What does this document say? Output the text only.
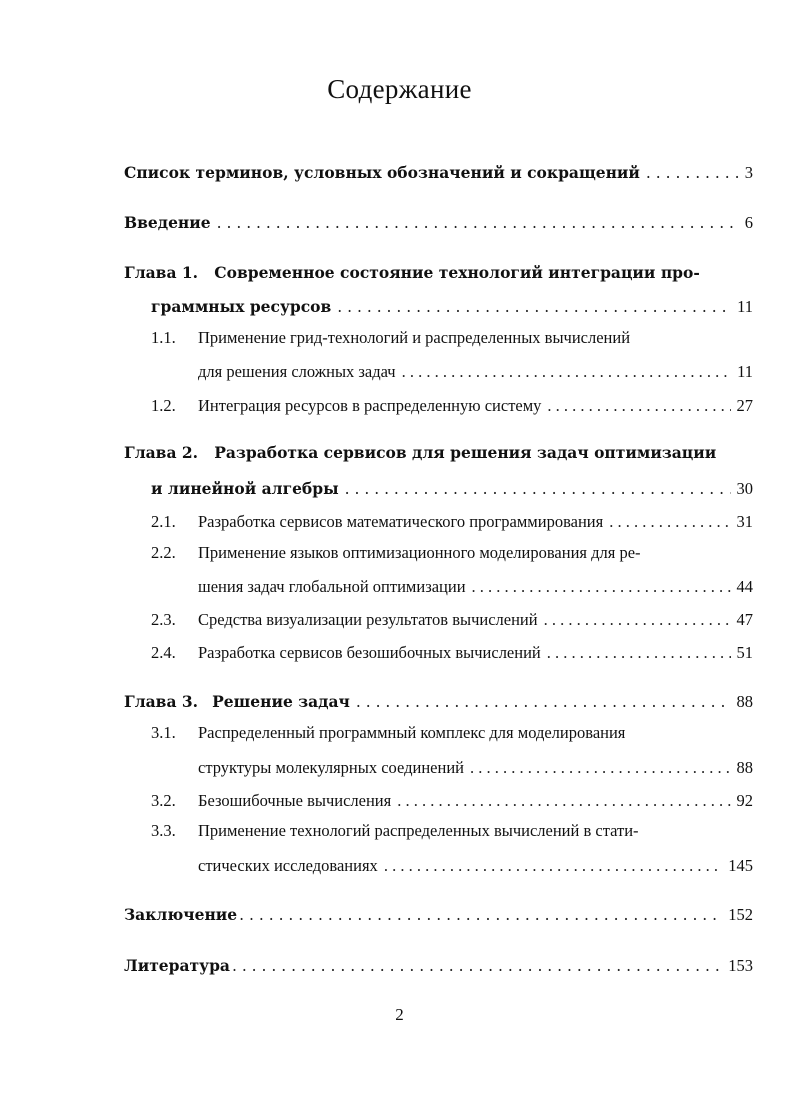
Содержание
Список терминов, условных обозначений и сокращений . . .	3
Введение . . .	6
Глава 1. Современное состояние технологий интеграции про-
граммных ресурсов . . .	11
1.1. Применение грид-технологий и распределенных вычислений
для решения сложных задач . . .	11
1.2.	Интеграция ресурсов в распределенную систему . . .	27
Глава 2. Разработка сервисов для решения задач оптимизации
и линейной алгебры . . .	30
2.1.	Разработка сервисов математического программирования . . .	31
2.2. Применение языков оптимизационного моделирования для ре-
шения задач глобальной оптимизации . . .	44
2.3.	Средства визуализации результатов вычислений . . .	47
2.4.	Разработка сервисов безошибочных вычислений . . .	51
Глава 3. Решение задач . . .	88
3.1. Распределенный программный комплекс для моделирования
структуры молекулярных соединений . . .	88
3.2.	Безошибочные вычисления . . .	92
3.3. Применение технологий распределенных вычислений в стати-
стических исследованиях . . .	145
Заключение . . .	152
Литература . . .	153
2
